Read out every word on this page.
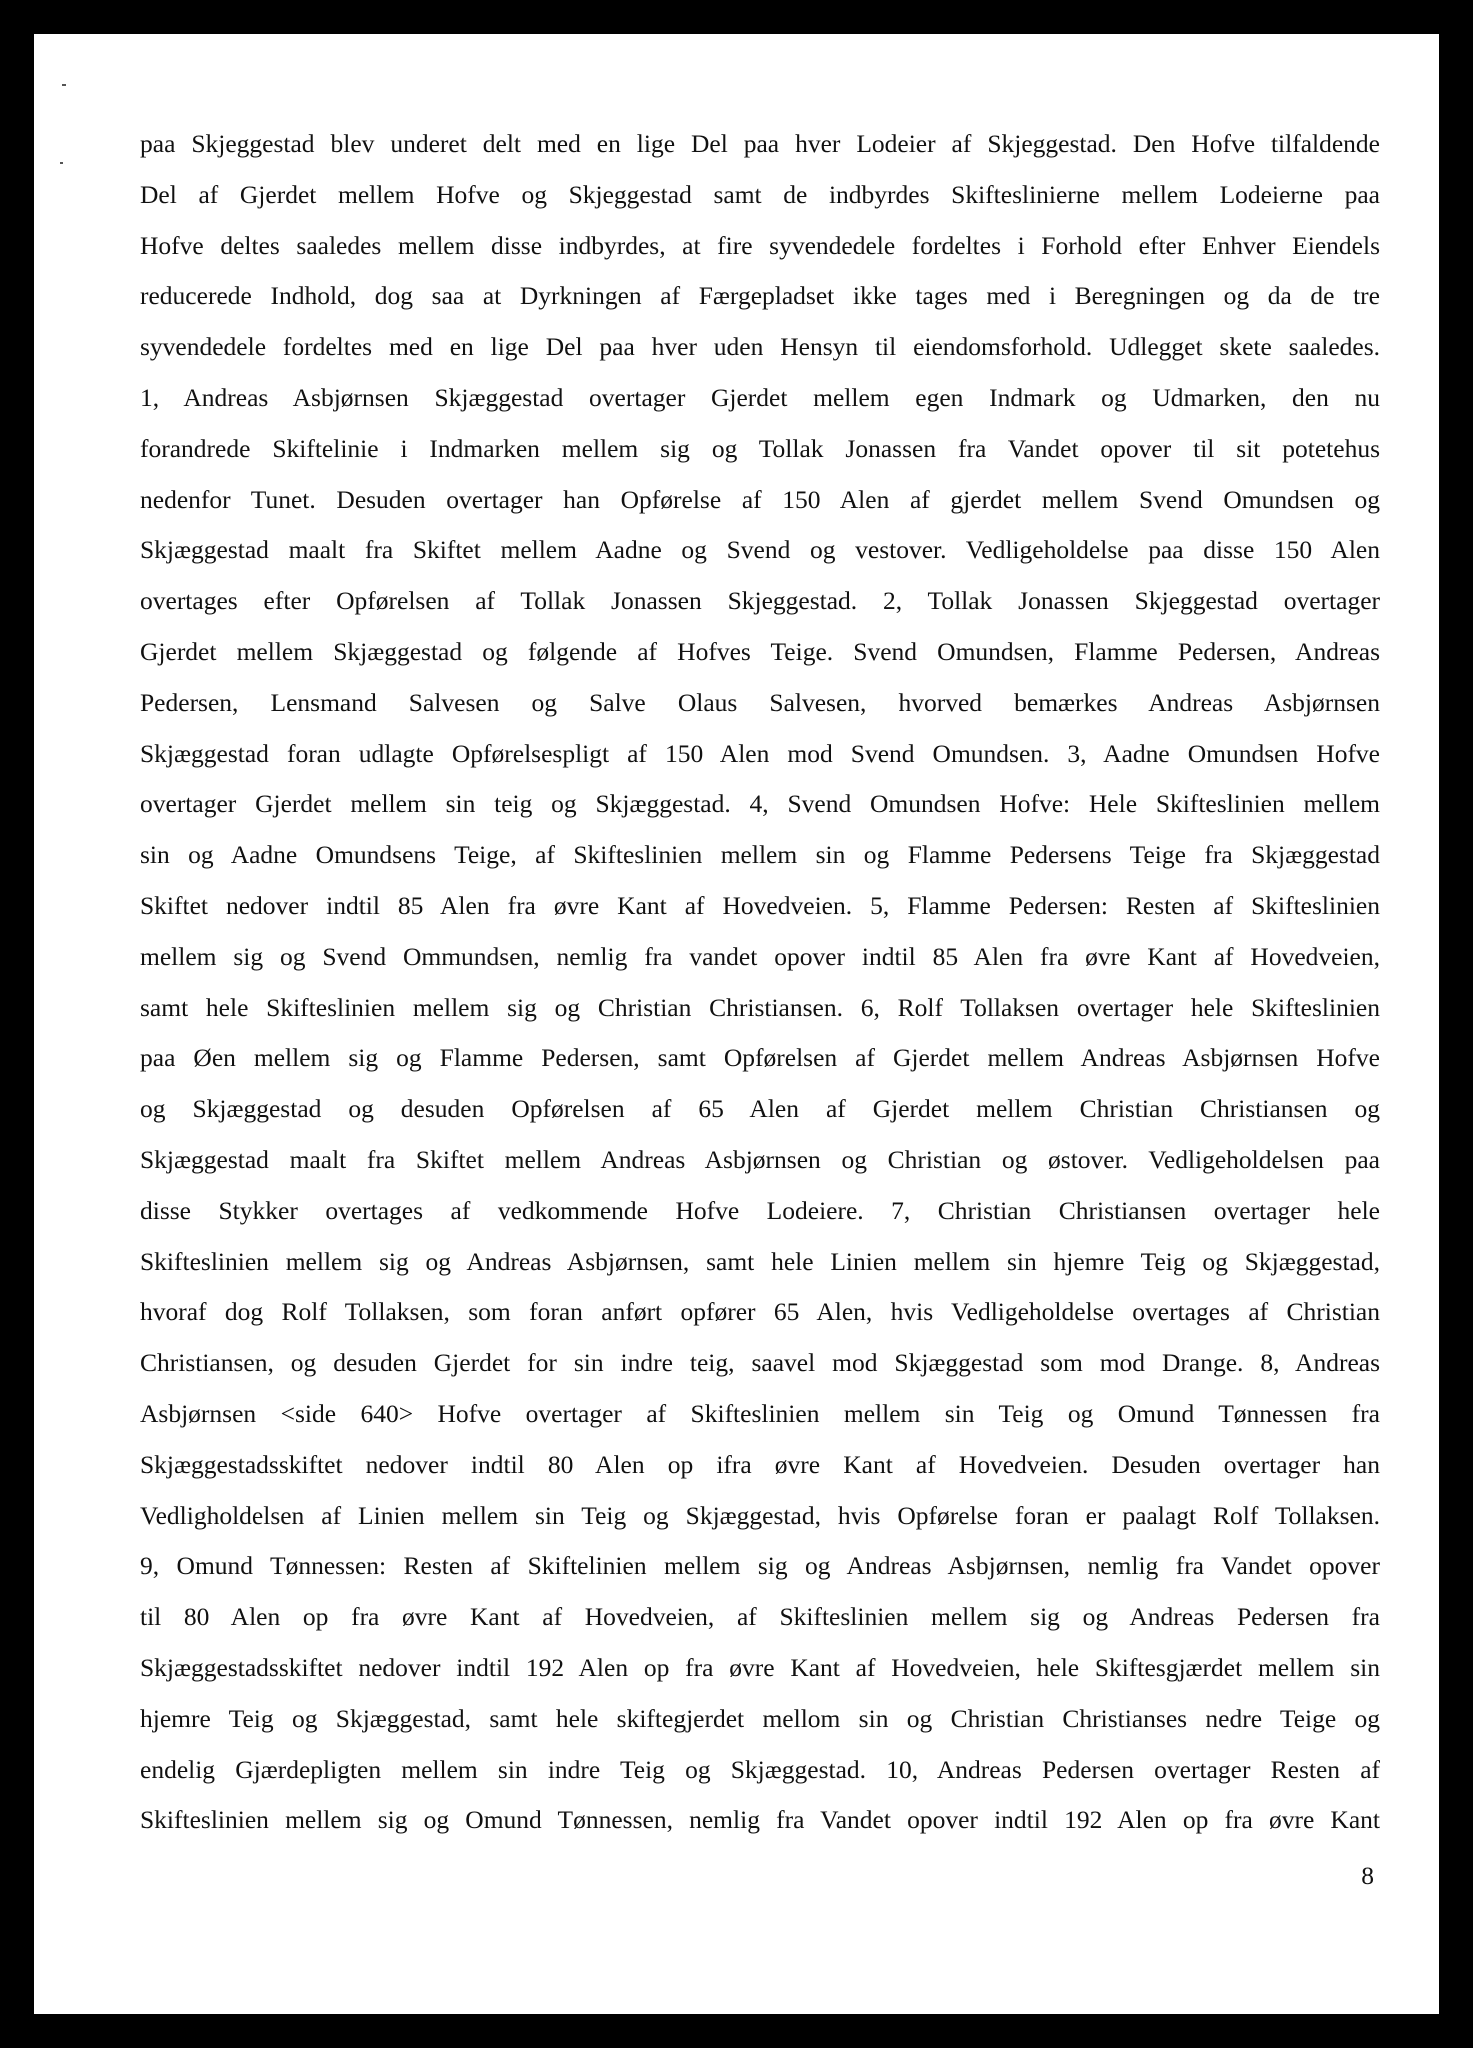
paa Skjeggestad blev underet delt med en lige Del paa hver Lodeier af Skjeggestad. Den Hofve tilfaldende
Del af Gjerdet mellem Hofve og Skjeggestad samt de indbyrdes Skifteslinierne mellem Lodeierne paa
Hofve deltes saaledes mellem disse indbyrdes, at fire syvendedele fordeltes i Forhold efter Enhver Eiendels
reducerede Indhold, dog saa at Dyrkningen af Færgepladset ikke tages med i Beregningen og da de tre
syvendedele fordeltes med en lige Del paa hver uden Hensyn til eiendomsforhold. Udlegget skete saaledes.
1, Andreas Asbjørnsen Skjæggestad overtager Gjerdet mellem egen Indmark og Udmarken, den nu
forandrede Skiftelinie i Indmarken mellem sig og Tollak Jonassen fra Vandet opover til sit potetehus
nedenfor Tunet. Desuden overtager han Opførelse af 150 Alen af gjerdet mellem Svend Omundsen og
Skjæggestad maalt fra Skiftet mellem Aadne og Svend og vestover. Vedligeholdelse paa disse 150 Alen
overtages efter Opførelsen af Tollak Jonassen Skjeggestad. 2, Tollak Jonassen Skjeggestad overtager
Gjerdet mellem Skjæggestad og følgende af Hofves Teige. Svend Omundsen, Flamme Pedersen, Andreas
Pedersen, Lensmand Salvesen og Salve Olaus Salvesen, hvorved bemærkes Andreas Asbjørnsen
Skjæggestad foran udlagte Opførelsespligt af 150 Alen mod Svend Omundsen. 3, Aadne Omundsen Hofve
overtager Gjerdet mellem sin teig og Skjæggestad. 4, Svend Omundsen Hofve: Hele Skifteslinien mellem
sin og Aadne Omundsens Teige, af Skifteslinien mellem sin og Flamme Pedersens Teige fra Skjæggestad
Skiftet nedover indtil 85 Alen fra øvre Kant af Hovedveien. 5, Flamme Pedersen: Resten af Skifteslinien
mellem sig og Svend Ommundsen, nemlig fra vandet opover indtil 85 Alen fra øvre Kant af Hovedveien,
samt hele Skifteslinien mellem sig og Christian Christiansen. 6, Rolf Tollaksen overtager hele Skifteslinien
paa Øen mellem sig og Flamme Pedersen, samt Opførelsen af Gjerdet mellem Andreas Asbjørnsen Hofve
og Skjæggestad og desuden Opførelsen af 65 Alen af Gjerdet mellem Christian Christiansen og
Skjæggestad maalt fra Skiftet mellem Andreas Asbjørnsen og Christian og østover. Vedligeholdelsen paa
disse Stykker overtages af vedkommende Hofve Lodeiere. 7, Christian Christiansen overtager hele
Skifteslinien mellem sig og Andreas Asbjørnsen, samt hele Linien mellem sin hjemre Teig og Skjæggestad,
hvoraf dog Rolf Tollaksen, som foran anført opfører 65 Alen, hvis Vedligeholdelse overtages af Christian
Christiansen, og desuden Gjerdet for sin indre teig, saavel mod Skjæggestad som mod Drange. 8, Andreas
Asbjørnsen <side 640> Hofve overtager af Skifteslinien mellem sin Teig og Omund Tønnessen fra
Skjæggestadsskiftet nedover indtil 80 Alen op ifra øvre Kant af Hovedveien. Desuden overtager han
Vedligholdelsen af Linien mellem sin Teig og Skjæggestad, hvis Opførelse foran er paalagt Rolf Tollaksen.
9, Omund Tønnessen: Resten af Skiftelinien mellem sig og Andreas Asbjørnsen, nemlig fra Vandet opover
til 80 Alen op fra øvre Kant af Hovedveien, af Skifteslinien mellem sig og Andreas Pedersen fra
Skjæggestadsskiftet nedover indtil 192 Alen op fra øvre Kant af Hovedveien, hele Skiftesgjærdet mellem sin
hjemre Teig og Skjæggestad, samt hele skiftegjerdet mellom sin og Christian Christianses nedre Teige og
endelig Gjærdepligten mellem sin indre Teig og Skjæggestad. 10, Andreas Pedersen overtager Resten af
Skifteslinien mellem sig og Omund Tønnessen, nemlig fra Vandet opover indtil 192 Alen op fra øvre Kant
8
